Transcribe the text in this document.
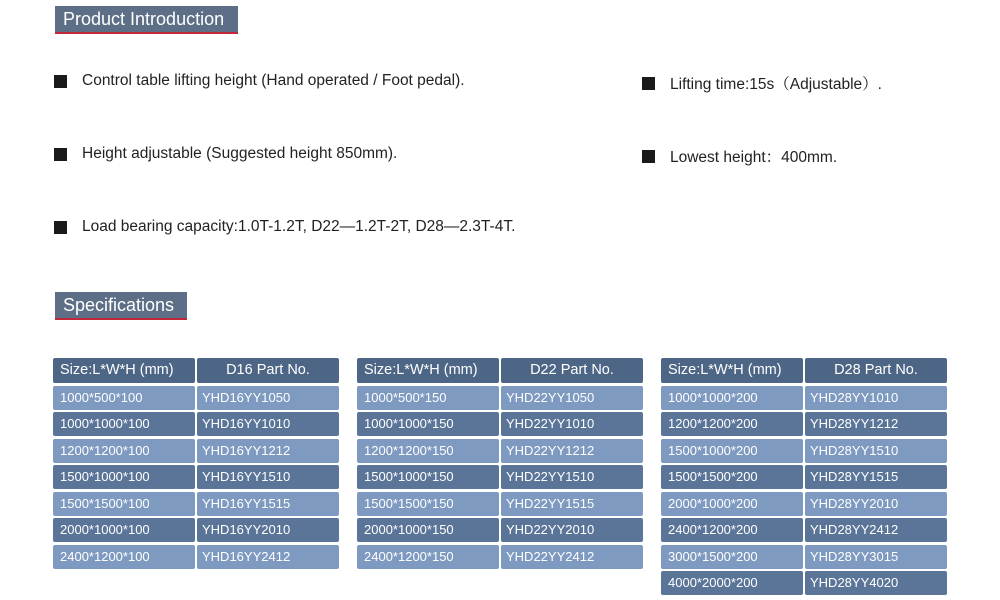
Product Introduction
Control table lifting height (Hand operated / Foot pedal).
Height adjustable (Suggested height 850mm).
Load bearing capacity:1.0T-1.2T, D22—1.2T-2T, D28—2.3T-4T.
Lifting time:15s（Adjustable）.
Lowest height：400mm.
Specifications
Size:L*W*H (mm)	D16 Part No.
1000*500*100	YHD16YY1050
1000*1000*100	YHD16YY1010
1200*1200*100	YHD16YY1212
1500*1000*100	YHD16YY1510
1500*1500*100	YHD16YY1515
2000*1000*100	YHD16YY2010
2400*1200*100	YHD16YY2412
Size:L*W*H (mm)	D22 Part No.
1000*500*150	YHD22YY1050
1000*1000*150	YHD22YY1010
1200*1200*150	YHD22YY1212
1500*1000*150	YHD22YY1510
1500*1500*150	YHD22YY1515
2000*1000*150	YHD22YY2010
2400*1200*150	YHD22YY2412
Size:L*W*H (mm)	D28 Part No.
1000*1000*200	YHD28YY1010
1200*1200*200	YHD28YY1212
1500*1000*200	YHD28YY1510
1500*1500*200	YHD28YY1515
2000*1000*200	YHD28YY2010
2400*1200*200	YHD28YY2412
3000*1500*200	YHD28YY3015
4000*2000*200	YHD28YY4020
